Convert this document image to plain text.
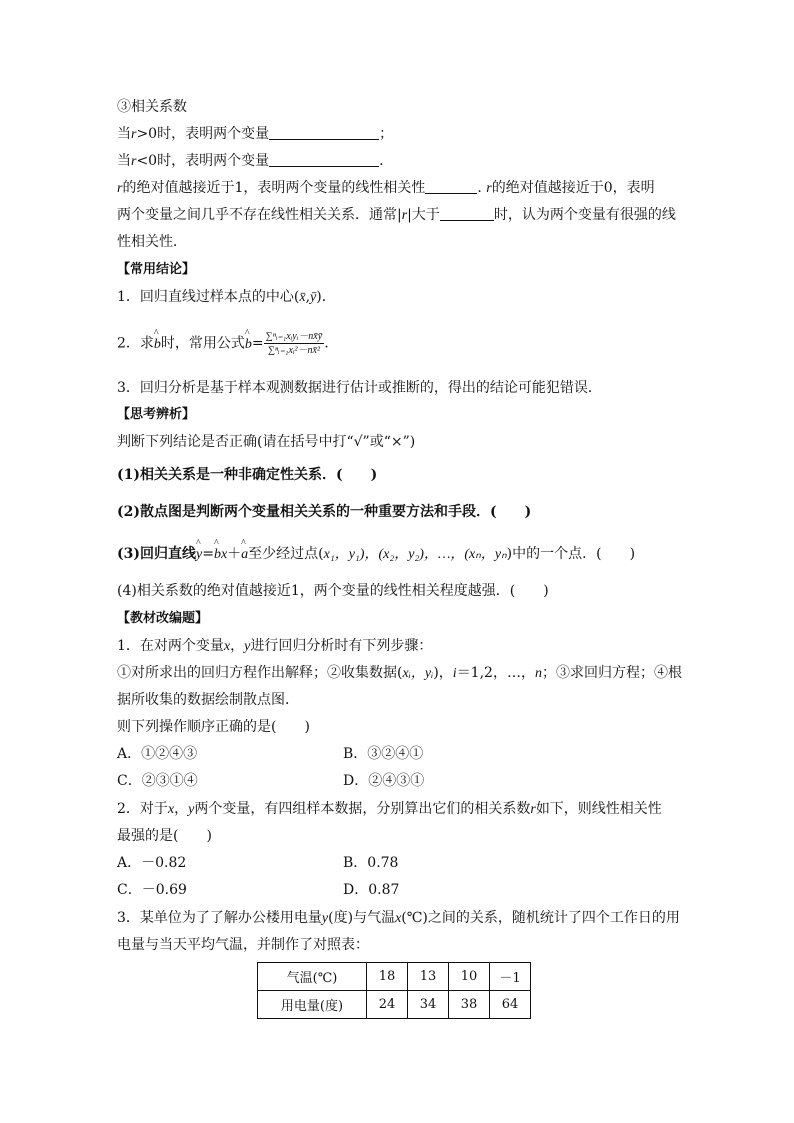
③相关系数
当r>0时，表明两个变量	；
当r<0时，表明两个变量	.
r的绝对值越接近于1，表明两个变量的线性相关性	. r的绝对值越接近于0，表明
两个变量之间几乎不存在线性相关关系．通常|r|大于	时，认为两个变量有很强的线
性相关性．
【常用结论】
1．回归直线过样本点的中心(x̄,ȳ)．
2．求^ b时，常用公式^ $b= \frac{\text{∑ⁿᵢ₌₁xᵢyᵢ－nx̄ȳ}}{\text{∑ⁿᵢ₌₁xᵢ²－nx̄²}}$ .
3．回归分析是基于样本观测数据进行估计或推断的，得出的结论可能犯错误．
【思考辨析】
判断下列结论是否正确(请在括号中打“√”或“×”)
(1)相关关系是一种非确定性关系．(　　)
(2)散点图是判断两个变量相关关系的一种重要方法和手段．(　　)
(3)回归直线^ y=^ bx＋^ a至少经过点(x₁，y₁)，(x₂，y₂)，…，(xₙ，yₙ)中的一个点．(　　)
(4)相关系数的绝对值越接近1，两个变量的线性相关程度越强．(　　)
【教材改编题】
1．在对两个变量x，y进行回归分析时有下列步骤：
①对所求出的回归方程作出解释；②收集数据(xᵢ，yᵢ)，i＝1,2，…，n；③求回归方程；④根
据所收集的数据绘制散点图．
则下列操作顺序正确的是(　　)
A．①②④③	B．③②④①
C．②③①④	D．②④③①
2．对于x，y两个变量，有四组样本数据，分别算出它们的相关系数r如下，则线性相关性
最强的是(　　)
A．－0.82	B．0.78
C．－0.69	D．0.87
3．某单位为了了解办公楼用电量y(度)与气温x(℃)之间的关系，随机统计了四个工作日的用
电量与当天平均气温，并制作了对照表：
气温(℃)	18	13	10	－1
用电量(度)	24	34	38	64
